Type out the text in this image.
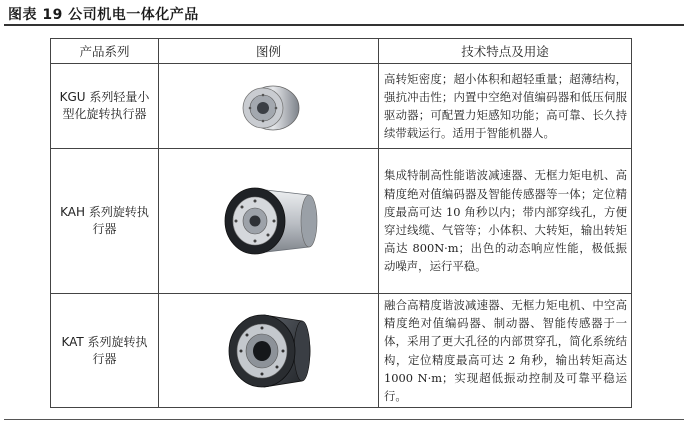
图表 19 公司机电一体化产品
产品系列	图例	技术特点及用途
KGU 系列轻量小型化旋转执行器		高转矩密度；超小体积和超轻重量；超薄结构，强抗冲击性；内置中空绝对值编码器和低压伺服驱动器；可配置力矩感知功能；高可靠、长久持续带载运行。适用于智能机器人。
KAH 系列旋转执行器		集成特制高性能谐波减速器、无框力矩电机、高精度绝对值编码器及智能传感器等一体；定位精度最高可达 10 角秒以内；带内部穿线孔，方便穿过线缆、气管等；小体积、大转矩，输出转矩高达 800N·m；出色的动态响应性能，极低振动噪声，运行平稳。
KAT 系列旋转执行器		融合高精度谐波减速器、无框力矩电机、中空高精度绝对值编码器、制动器、智能传感器于一体，采用了更大孔径的内部贯穿孔，简化系统结构，定位精度最高可达 2 角秒，输出转矩高达 1000 N·m；实现超低振动控制及可靠平稳运行。
